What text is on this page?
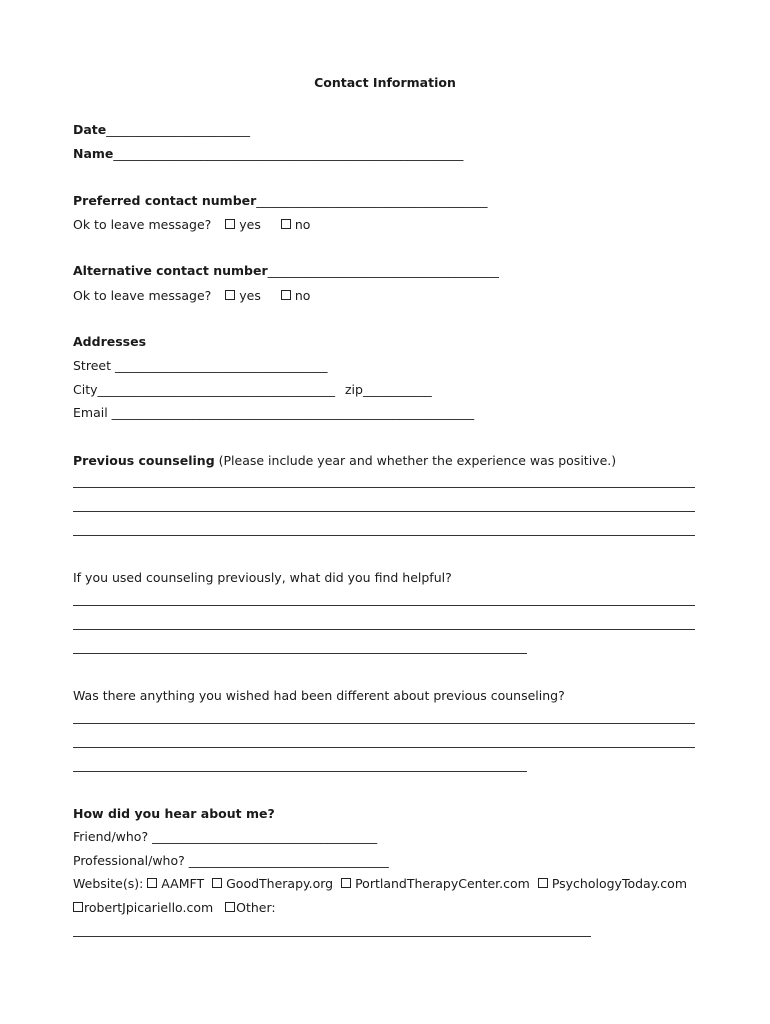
Contact Information
Date_______________________
Name________________________________________________________
Preferred contact number_____________________________________
Ok to leave message? yes	no
Alternative contact number_____________________________________
Ok to leave message? yes	no
Addresses
Street __________________________________
City______________________________________ zip___________
Email __________________________________________________________
Previous counseling (Please include year and whether the experience was positive.)
If you used counseling previously, what did you find helpful?
Was there anything you wished had been different about previous counseling?
How did you hear about me?
Friend/who? ____________________________________
Professional/who? ________________________________
Website(s): AAMFT GoodTherapy.org PortlandTherapyCenter.com PsychologyToday.com
robertJpicariello.com Other:
